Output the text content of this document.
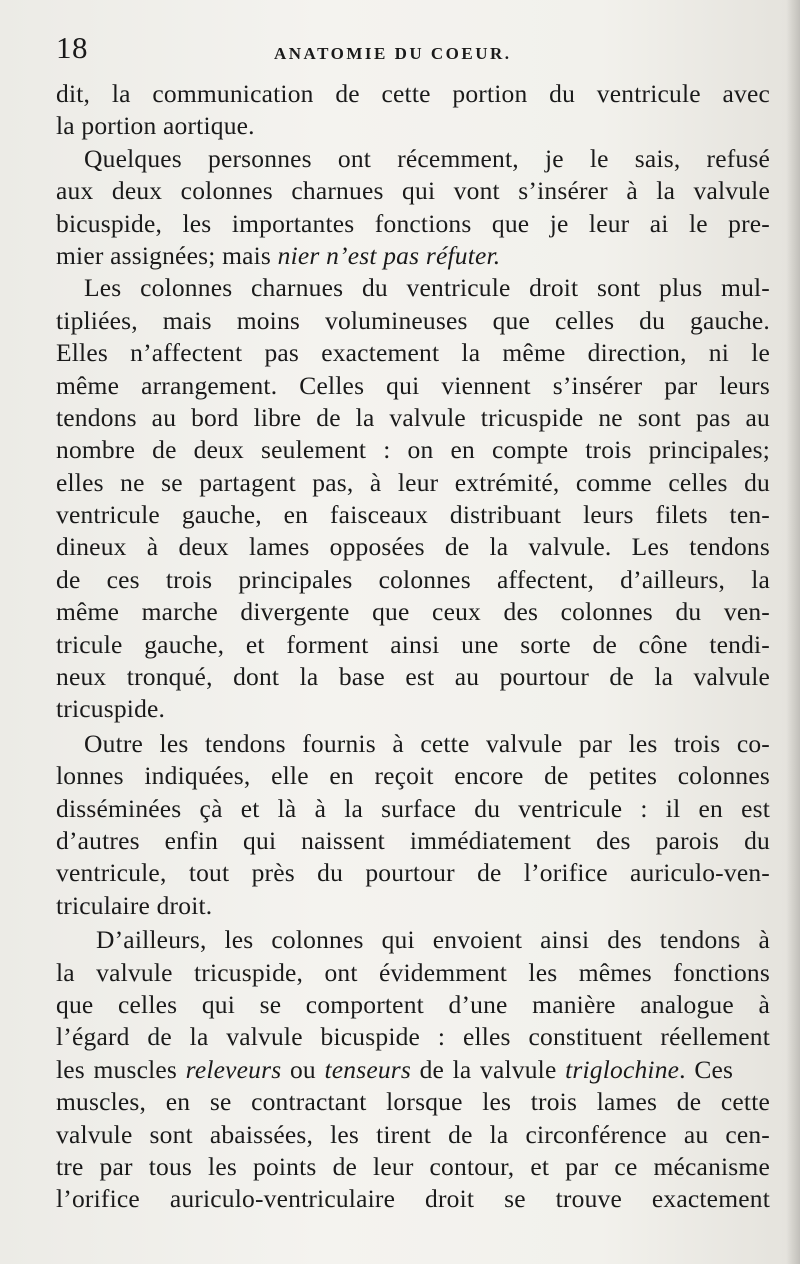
18	ANATOMIE DU COEUR.
dit, la communication de cette portion du ventricule avec
la portion aortique.
Quelques personnes ont récemment, je le sais, refusé
aux deux colonnes charnues qui vont s’insérer à la valvule
bicuspide, les importantes fonctions que je leur ai le pre-
mier assignées; mais nier n’est pas réfuter.
Les colonnes charnues du ventricule droit sont plus mul-
tipliées, mais moins volumineuses que celles du gauche.
Elles n’affectent pas exactement la même direction, ni le
même arrangement. Celles qui viennent s’insérer par leurs
tendons au bord libre de la valvule tricuspide ne sont pas au
nombre de deux seulement : on en compte trois principales;
elles ne se partagent pas, à leur extrémité, comme celles du
ventricule gauche, en faisceaux distribuant leurs filets ten-
dineux à deux lames opposées de la valvule. Les tendons
de ces trois principales colonnes affectent, d’ailleurs, la
même marche divergente que ceux des colonnes du ven-
tricule gauche, et forment ainsi une sorte de cône tendi-
neux tronqué, dont la base est au pourtour de la valvule
tricuspide.
Outre les tendons fournis à cette valvule par les trois co-
lonnes indiquées, elle en reçoit encore de petites colonnes
disséminées çà et là à la surface du ventricule : il en est
d’autres enfin qui naissent immédiatement des parois du
ventricule, tout près du pourtour de l’orifice auriculo-ven-
triculaire droit.
D’ailleurs, les colonnes qui envoient ainsi des tendons à
la valvule tricuspide, ont évidemment les mêmes fonctions
que celles qui se comportent d’une manière analogue à
l’égard de la valvule bicuspide : elles constituent réellement
les muscles releveurs ou tenseurs de la valvule triglochine. Ces
muscles, en se contractant lorsque les trois lames de cette
valvule sont abaissées, les tirent de la circonférence au cen-
tre par tous les points de leur contour, et par ce mécanisme
l’orifice auriculo-ventriculaire droit se trouve exactement
